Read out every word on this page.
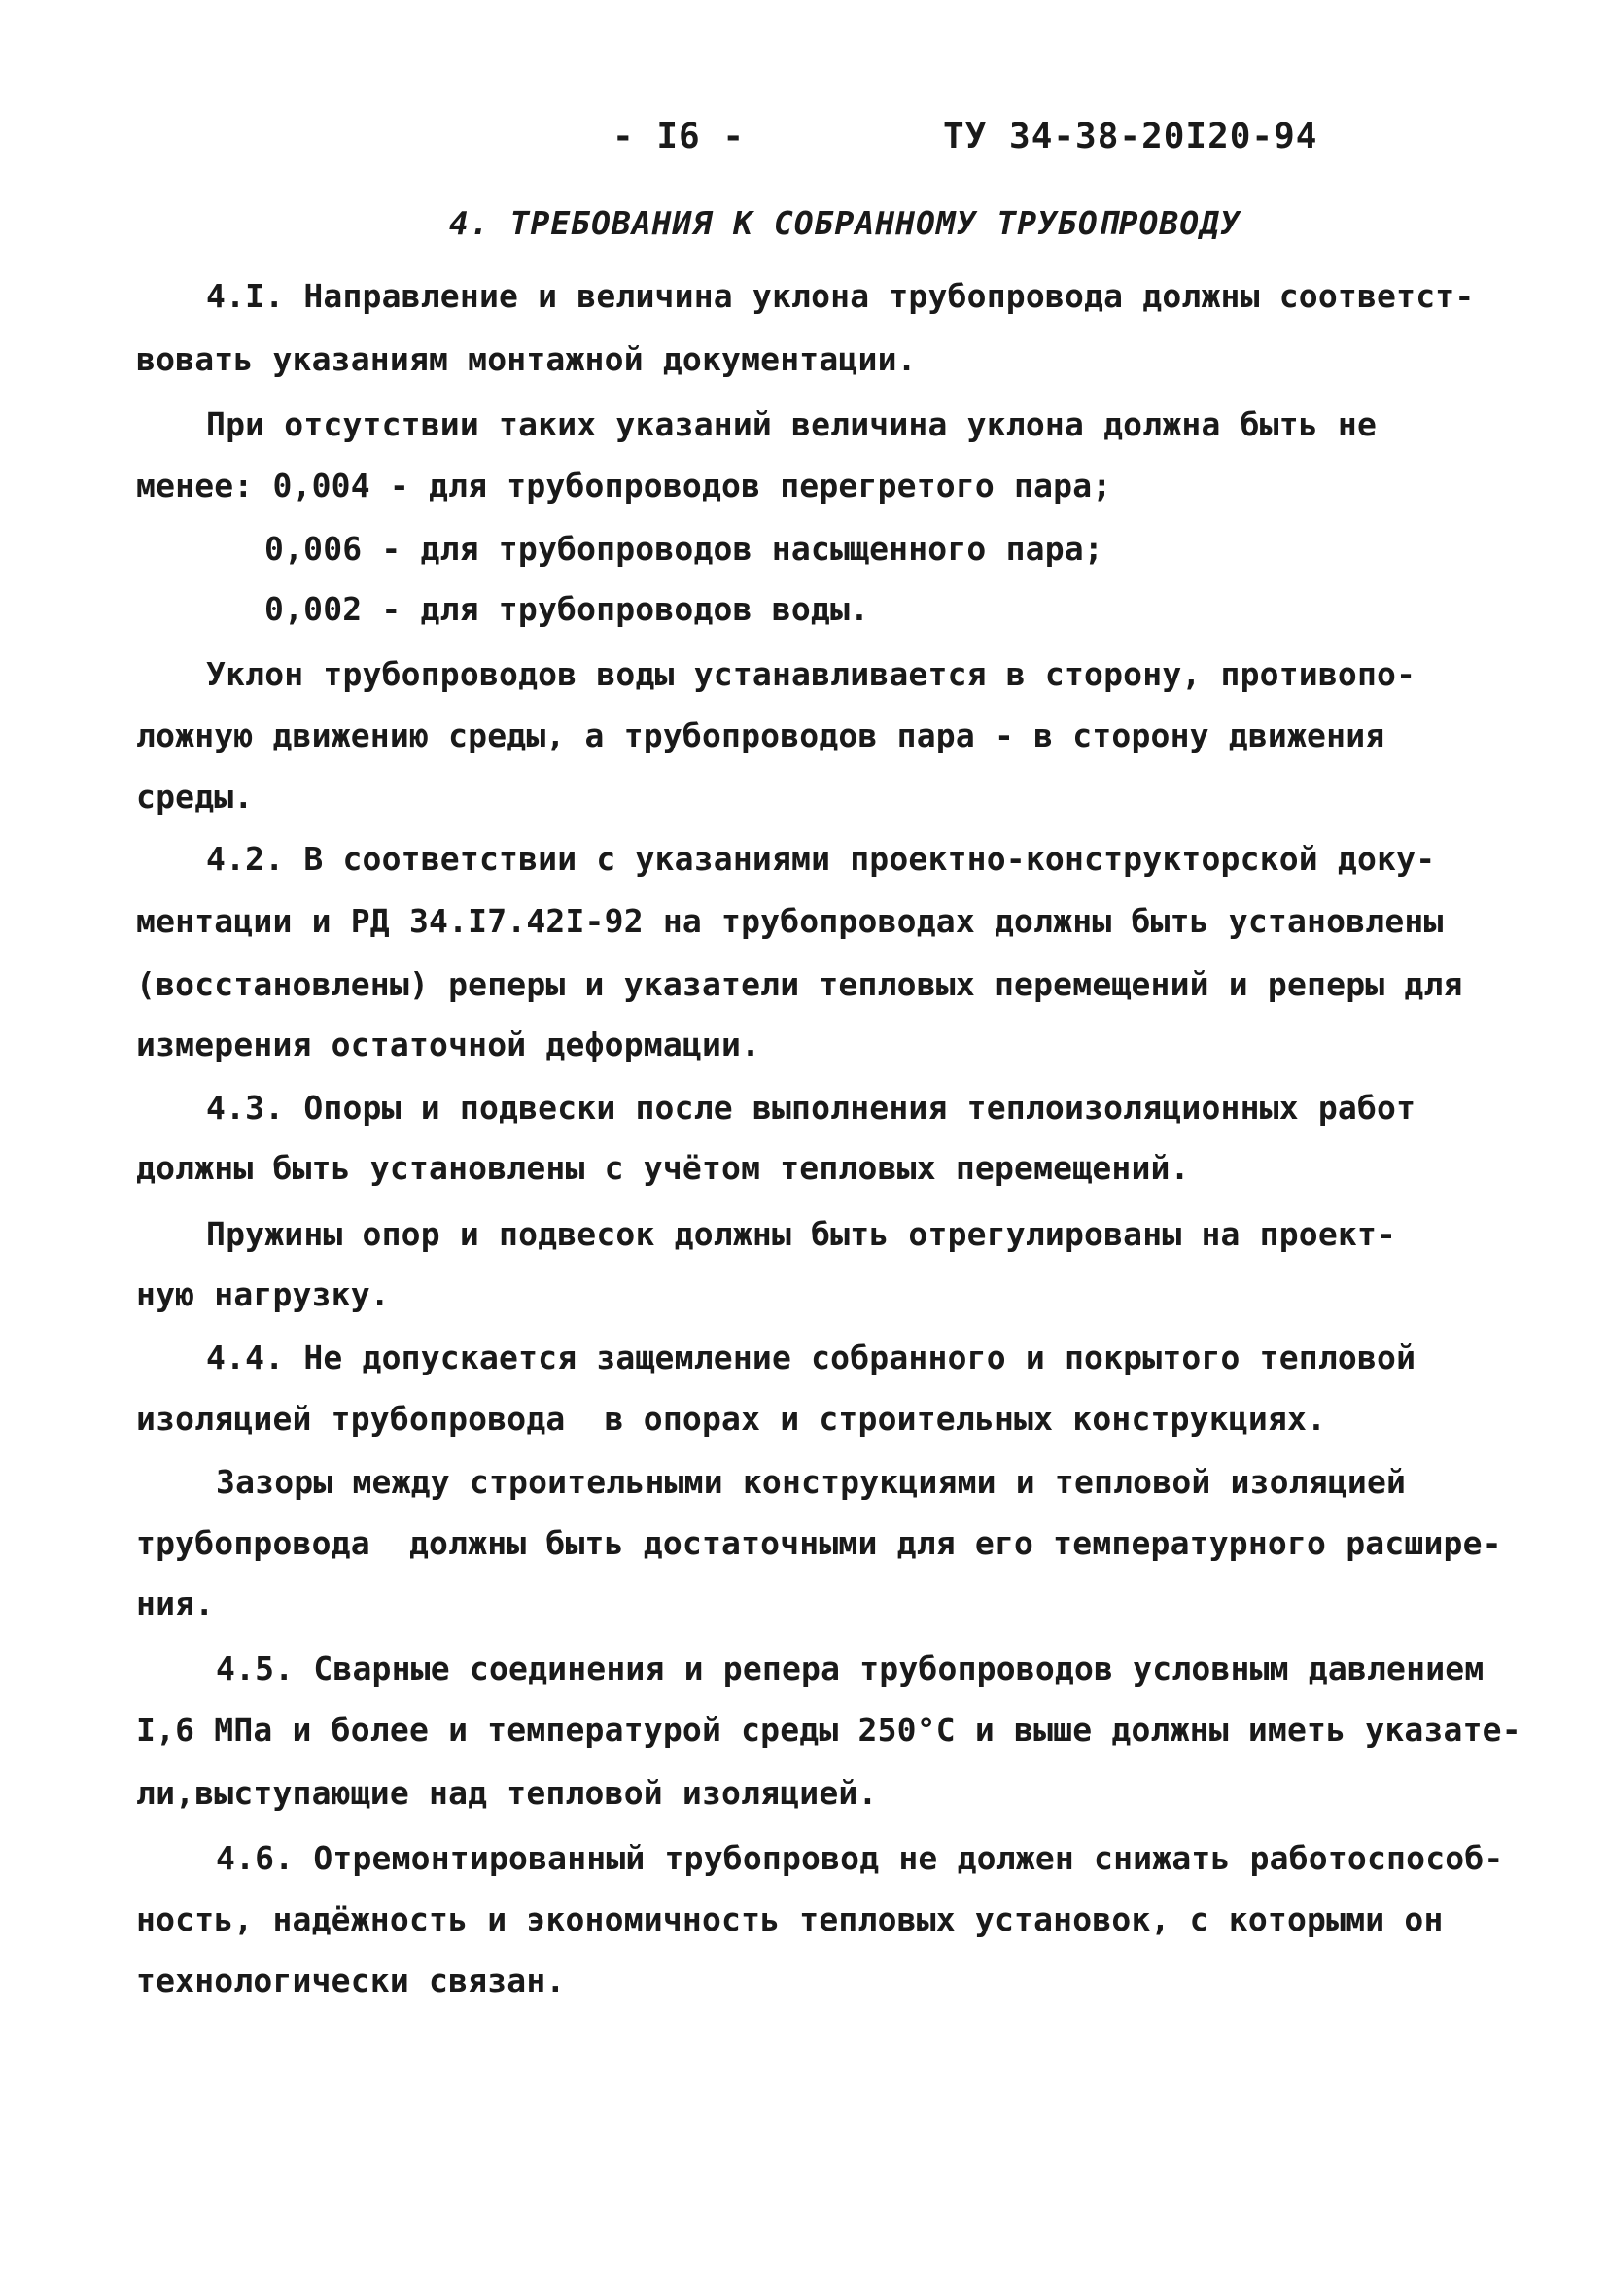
- I6 -	ТУ 34-38-20I20-94
4. ТРЕБОВАНИЯ К СОБРАННОМУ ТРУБОПРОВОДУ
4.I. Направление и величина уклона трубопровода должны соответст-
вовать указаниям монтажной документации.
При отсутствии таких указаний величина уклона должна быть не
менее: 0,004 - для трубопроводов перегретого пара;
0,006 - для трубопроводов насыщенного пара;
0,002 - для трубопроводов воды.
Уклон трубопроводов воды устанавливается в сторону, противопо-
ложную движению среды, а трубопроводов пара - в сторону движения
среды.
4.2. В соответствии с указаниями проектно-конструкторской доку-
ментации и РД 34.I7.42I-92 на трубопроводах должны быть установлены
(восстановлены) реперы и указатели тепловых перемещений и реперы для
измерения остаточной деформации.
4.3. Опоры и подвески после выполнения теплоизоляционных работ
должны быть установлены с учётом тепловых перемещений.
Пружины опор и подвесок должны быть отрегулированы на проект-
ную нагрузку.
4.4. Не допускается защемление собранного и покрытого тепловой
изоляцией трубопровода  в опорах и строительных конструкциях.
Зазоры между строительными конструкциями и тепловой изоляцией
трубопровода  должны быть достаточными для его температурного расшире-
ния.
4.5. Сварные соединения и репера трубопроводов условным давлением
I,6 МПа и более и температурой среды 250°С и выше должны иметь указате-
ли,выступающие над тепловой изоляцией.
4.6. Отремонтированный трубопровод не должен снижать работоспособ-
ность, надёжность и экономичность тепловых установок, с которыми он
технологически связан.
